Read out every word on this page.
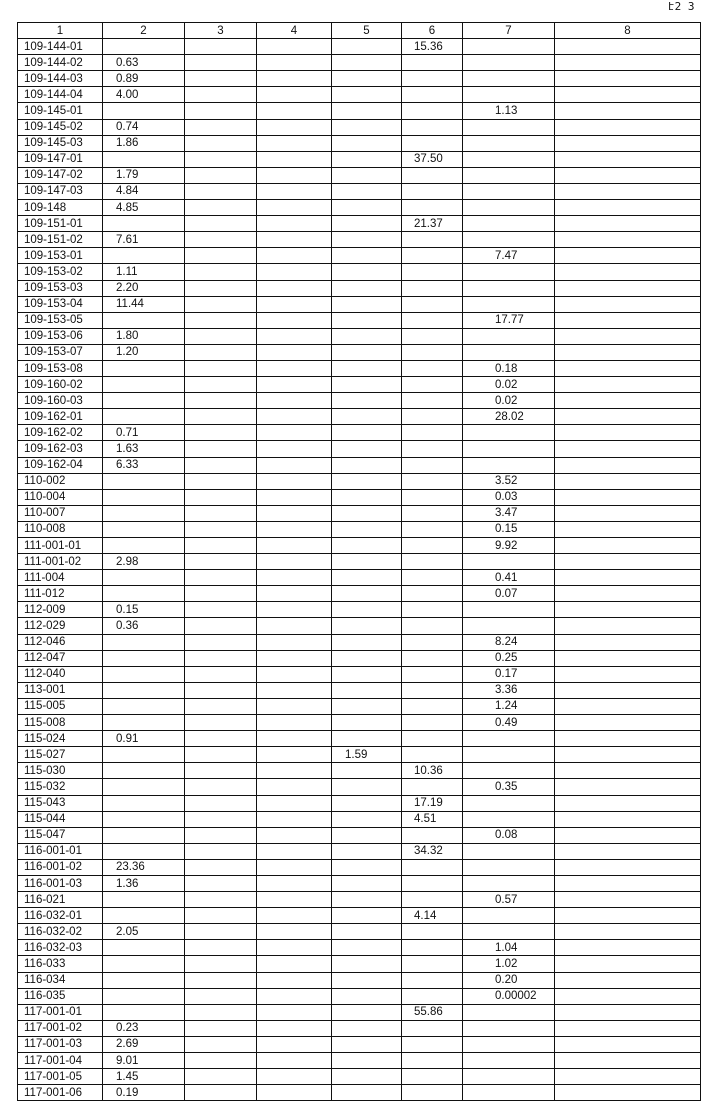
է2 3
1	2	3	4	5	6	7	8
109-144-01					15.36		
109-144-02	0.63						
109-144-03	0.89						
109-144-04	4.00						
109-145-01						1.13	
109-145-02	0.74						
109-145-03	1.86						
109-147-01					37.50		
109-147-02	1.79						
109-147-03	4.84						
109-148	4.85						
109-151-01					21.37		
109-151-02	7.61						
109-153-01						7.47	
109-153-02	1.11						
109-153-03	2.20						
109-153-04	11.44						
109-153-05						17.77	
109-153-06	1.80						
109-153-07	1.20						
109-153-08						0.18	
109-160-02						0.02	
109-160-03						0.02	
109-162-01						28.02	
109-162-02	0.71						
109-162-03	1.63						
109-162-04	6.33						
110-002						3.52	
110-004						0.03	
110-007						3.47	
110-008						0.15	
111-001-01						9.92	
111-001-02	2.98						
111-004						0.41	
111-012						0.07	
112-009	0.15						
112-029	0.36						
112-046						8.24	
112-047						0.25	
112-040						0.17	
113-001						3.36	
115-005						1.24	
115-008						0.49	
115-024	0.91						
115-027				1.59			
115-030					10.36		
115-032						0.35	
115-043					17.19		
115-044					4.51		
115-047						0.08	
116-001-01					34.32		
116-001-02	23.36						
116-001-03	1.36						
116-021						0.57	
116-032-01					4.14		
116-032-02	2.05						
116-032-03						1.04	
116-033						1.02	
116-034						0.20	
116-035						0.00002	
117-001-01					55.86		
117-001-02	0.23						
117-001-03	2.69						
117-001-04	9.01						
117-001-05	1.45						
117-001-06	0.19						
